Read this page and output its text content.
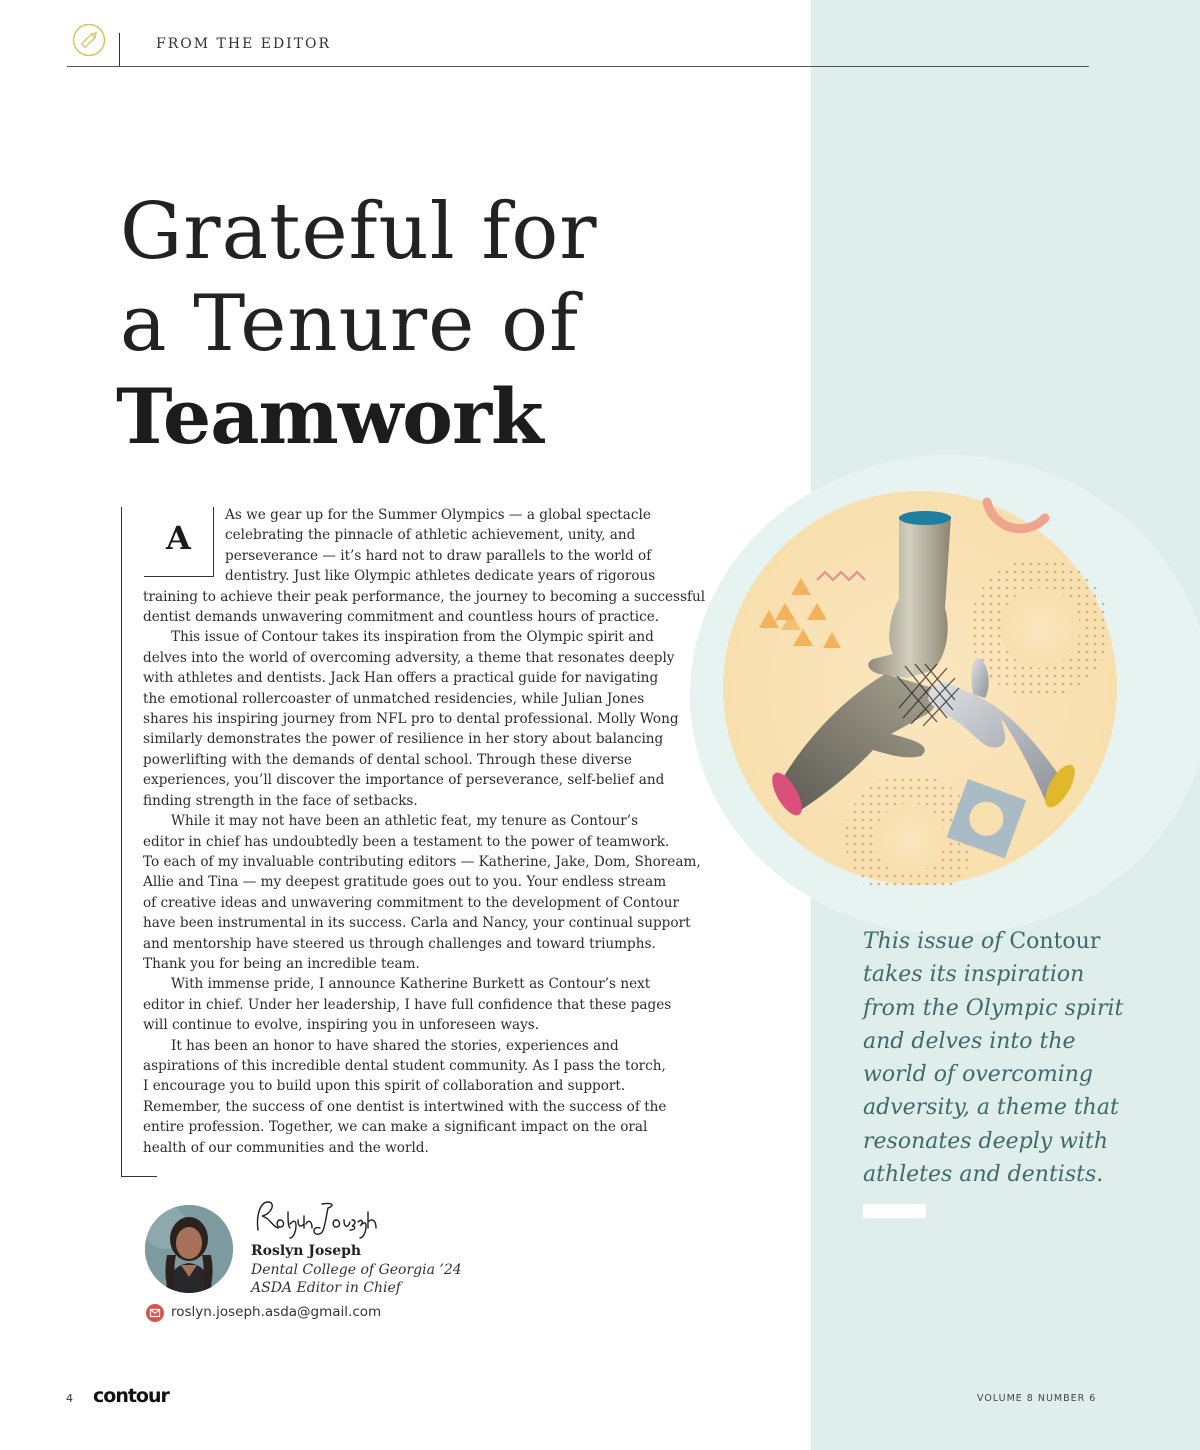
FROM THE EDITOR
Grateful for
a Tenure of
Teamwork
A
As we gear up for the Summer Olympics — a global spectacle
celebrating the pinnacle of athletic achievement, unity, and
perseverance — it’s hard not to draw parallels to the world of
dentistry. Just like Olympic athletes dedicate years of rigorous
training to achieve their peak performance, the journey to becoming a successful
dentist demands unwavering commitment and countless hours of practice.
This issue of Contour takes its inspiration from the Olympic spirit and
delves into the world of overcoming adversity, a theme that resonates deeply
with athletes and dentists. Jack Han offers a practical guide for navigating
the emotional rollercoaster of unmatched residencies, while Julian Jones
shares his inspiring journey from NFL pro to dental professional. Molly Wong
similarly demonstrates the power of resilience in her story about balancing
powerlifting with the demands of dental school. Through these diverse
experiences, you’ll discover the importance of perseverance, self-belief and
finding strength in the face of setbacks.
While it may not have been an athletic feat, my tenure as Contour’s
editor in chief has undoubtedly been a testament to the power of teamwork.
To each of my invaluable contributing editors — Katherine, Jake, Dom, Shoream,
Allie and Tina — my deepest gratitude goes out to you. Your endless stream
of creative ideas and unwavering commitment to the development of Contour
have been instrumental in its success. Carla and Nancy, your continual support
and mentorship have steered us through challenges and toward triumphs.
Thank you for being an incredible team.
With immense pride, I announce Katherine Burkett as Contour’s next
editor in chief. Under her leadership, I have full confidence that these pages
will continue to evolve, inspiring you in unforeseen ways.
It has been an honor to have shared the stories, experiences and
aspirations of this incredible dental student community. As I pass the torch,
I encourage you to build upon this spirit of collaboration and support.
Remember, the success of one dentist is intertwined with the success of the
entire profession. Together, we can make a significant impact on the oral
health of our communities and the world.
Roslyn Joseph
Dental College of Georgia ’24
ASDA Editor in Chief
roslyn.joseph.asda@gmail.com
This issue of Contour
takes its inspiration
from the Olympic spirit
and delves into the
world of overcoming
adversity, a theme that
resonates deeply with
athletes and dentists.
4 contour	VOLUME 8 NUMBER 6
